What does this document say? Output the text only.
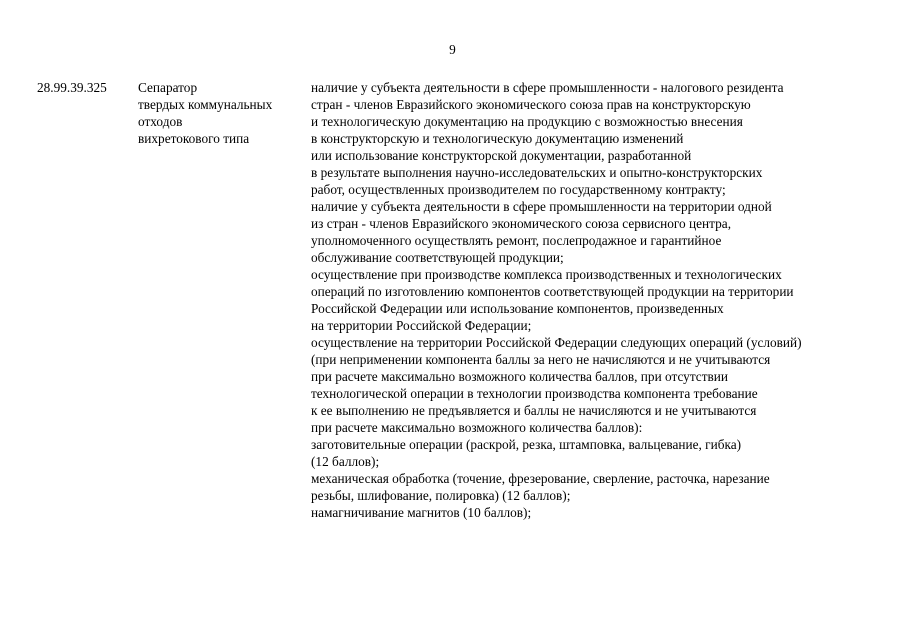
9
28.99.39.325	Сепаратор
твердых коммунальных
отходов
вихретокового типа
наличие у субъекта деятельности в сфере промышленности - налогового резидента
стран - членов Евразийского экономического союза прав на конструкторскую
и технологическую документацию на продукцию с возможностью внесения
в конструкторскую и технологическую документацию изменений
или использование конструкторской документации, разработанной
в результате выполнения научно-исследовательских и опытно-конструкторских
работ, осуществленных производителем по государственному контракту;
наличие у субъекта деятельности в сфере промышленности на территории одной
из стран - членов Евразийского экономического союза сервисного центра,
уполномоченного осуществлять ремонт, послепродажное и гарантийное
обслуживание соответствующей продукции;
осуществление при производстве комплекса производственных и технологических
операций по изготовлению компонентов соответствующей продукции на территории
Российской Федерации или использование компонентов, произведенных
на территории Российской Федерации;
осуществление на территории Российской Федерации следующих операций (условий)
(при неприменении компонента баллы за него не начисляются и не учитываются
при расчете максимально возможного количества баллов, при отсутствии
технологической операции в технологии производства компонента требование
к ее выполнению не предъявляется и баллы не начисляются и не учитываются
при расчете максимально возможного количества баллов):
заготовительные операции (раскрой, резка, штамповка, вальцевание, гибка)
(12 баллов);
механическая обработка (точение, фрезерование, сверление, расточка, нарезание
резьбы, шлифование, полировка) (12 баллов);
намагничивание магнитов (10 баллов);
